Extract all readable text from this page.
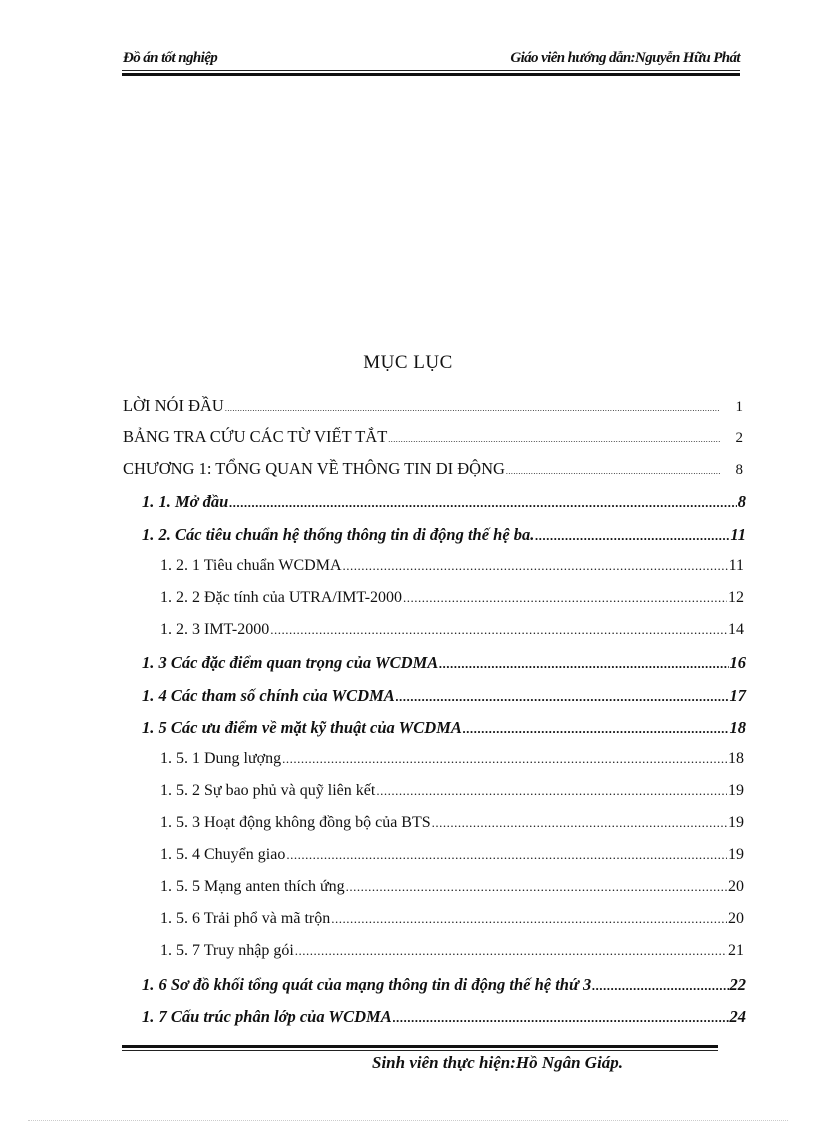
Đồ án tốt nghiệp	Giáo viên hướng dẫn:Nguyễn Hữu Phát
MỤC LỤC
LỜI NÓI ĐẦU .....	1
BẢNG TRA CỨU CÁC TỪ VIẾT TẮT .....	2
CHƯƠNG 1: TỔNG QUAN VỀ THÔNG TIN DI ĐỘNG .....	8
1. 1. Mở đầu .....	8
1. 2. Các tiêu chuẩn hệ thống thông tin di động thế hệ ba. .....	11
1. 2. 1 Tiêu chuẩn WCDMA .....	11
1. 2. 2 Đặc tính của UTRA/IMT-2000 .....	12
1. 2. 3 IMT-2000 .....	14
1. 3 Các đặc điểm quan trọng của WCDMA .....	16
1. 4 Các tham số chính của WCDMA .....	17
1. 5 Các ưu điểm về mặt kỹ thuật của WCDMA .....	18
1. 5. 1 Dung lượng .....	18
1. 5. 2 Sự bao phủ và quỹ liên kết .....	19
1. 5. 3 Hoạt động không đồng bộ của BTS .....	19
1. 5. 4 Chuyển giao .....	19
1. 5. 5 Mạng anten thích ứng .....	20
1. 5. 6 Trải phổ và mã trộn .....	20
1. 5. 7 Truy nhập gói .....	21
1. 6 Sơ đồ khối tổng quát của mạng thông tin di động thế hệ thứ 3 .....	22
1. 7 Cấu trúc phân lớp của WCDMA .....	24
Sinh viên thực hiện:Hồ Ngân Giáp.
